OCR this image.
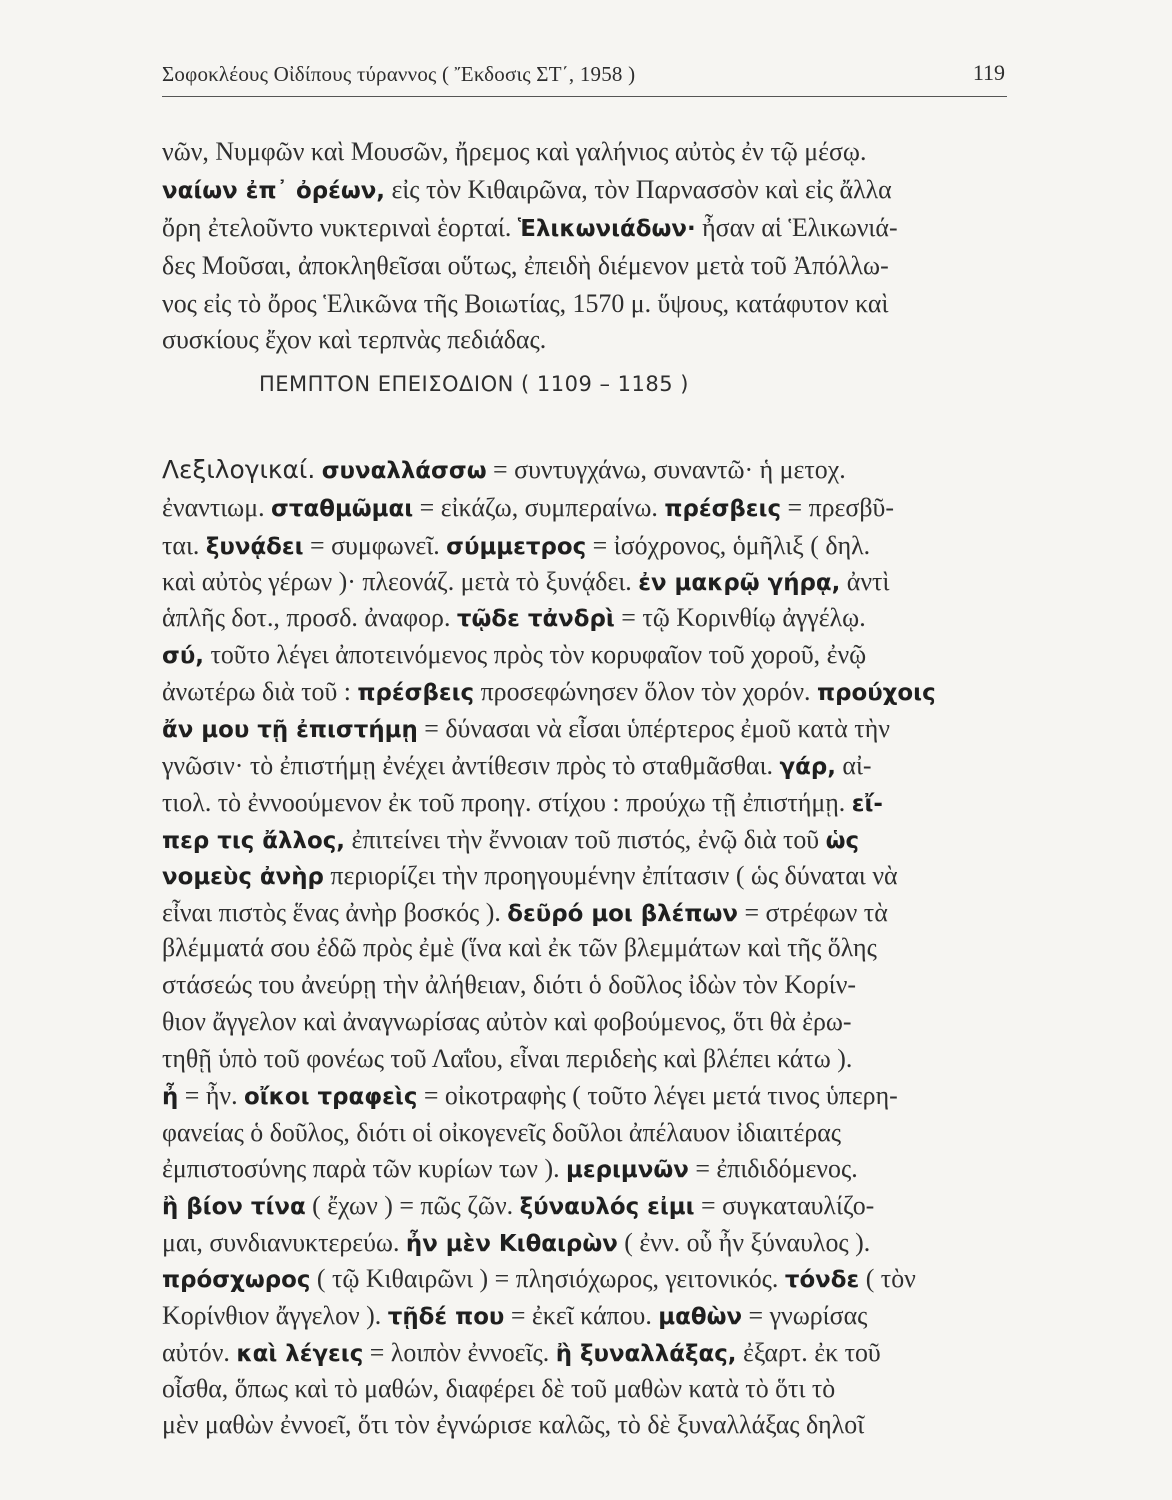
Σοφοκλέους Οἰδίπους τύραννος ( Ἔκδοσις ΣΤ΄, 1958 )	119
νῶν, Νυμφῶν καὶ Μουσῶν, ἤρεμος καὶ γαλήνιος αὐτὸς ἐν τῷ μέσῳ.
ναίων ἐπ᾽ ὀρέων, εἰς τὸν Κιθαιρῶνα, τὸν Παρνασσὸν καὶ εἰς ἄλλα
ὄρη ἐτελοῦντο νυκτεριναὶ ἑορταί. Ἑλικωνιάδων· ἦσαν αἱ Ἑλικωνιά-
δες Μοῦσαι, ἀποκληθεῖσαι οὕτως, ἐπειδὴ διέμενον μετὰ τοῦ Ἀπόλλω-
νος εἰς τὸ ὄρος Ἑλικῶνα τῆς Βοιωτίας, 1570 μ. ὕψους, κατάφυτον καὶ
συσκίους ἔχον καὶ τερπνὰς πεδιάδας.
ΠΕΜΠΤΟΝ ΕΠΕΙΣΟΔΙΟΝ ( 1109 – 1185 )
Λεξιλογικαί. συναλλάσσω = συντυγχάνω, συναντῶ· ἡ μετοχ.
ἐναντιωμ. σταθμῶμαι = εἰκάζω, συμπεραίνω. πρέσβεις = πρεσβῦ-
ται. ξυνᾴδει = συμφωνεῖ. σύμμετρος = ἰσόχρονος, ὁμῆλιξ ( δηλ.
καὶ αὐτὸς γέρων )· πλεονάζ. μετὰ τὸ ξυνᾴδει. ἐν μακρῷ γήρᾳ, ἀντὶ
ἁπλῆς δοτ., προσδ. ἀναφορ. τῷδε τἀνδρὶ = τῷ Κορινθίῳ ἀγγέλῳ.
σύ, τοῦτο λέγει ἀποτεινόμενος πρὸς τὸν κορυφαῖον τοῦ χοροῦ, ἐνῷ
ἀνωτέρω διὰ τοῦ : πρέσβεις προσεφώνησεν ὅλον τὸν χορόν. προύχοις
ἄν μου τῇ ἐπιστήμῃ = δύνασαι νὰ εἶσαι ὑπέρτερος ἐμοῦ κατὰ τὴν
γνῶσιν· τὸ ἐπιστήμῃ ἐνέχει ἀντίθεσιν πρὸς τὸ σταθμᾶσθαι. γάρ, αἰ-
τιολ. τὸ ἐννοούμενον ἐκ τοῦ προηγ. στίχου : προύχω τῇ ἐπιστήμῃ. εἴ-
περ τις ἄλλος, ἐπιτείνει τὴν ἔννοιαν τοῦ πιστός, ἐνῷ διὰ τοῦ ὡς
νομεὺς ἀνὴρ περιορίζει τὴν προηγουμένην ἐπίτασιν ( ὡς δύναται νὰ
εἶναι πιστὸς ἕνας ἀνὴρ βοσκός ). δεῦρό μοι βλέπων = στρέφων τὰ
βλέμματά σου ἐδῶ πρὸς ἐμὲ (ἵνα καὶ ἐκ τῶν βλεμμάτων καὶ τῆς ὅλης
στάσεώς του ἀνεύρῃ τὴν ἀλήθειαν, διότι ὁ δοῦλος ἰδὼν τὸν Κορίν-
θιον ἄγγελον καὶ ἀναγνωρίσας αὐτὸν καὶ φοβούμενος, ὅτι θὰ ἐρω-
τηθῇ ὑπὸ τοῦ φονέως τοῦ Λαΐου, εἶναι περιδεὴς καὶ βλέπει κάτω ).
ἦ = ἦν. οἴκοι τραφεὶς = οἰκοτραφὴς ( τοῦτο λέγει μετά τινος ὑπερη-
φανείας ὁ δοῦλος, διότι οἱ οἰκογενεῖς δοῦλοι ἀπέλαυον ἰδιαιτέρας
ἐμπιστοσύνης παρὰ τῶν κυρίων των ). μεριμνῶν = ἐπιδιδόμενος.
ἢ βίον τίνα ( ἔχων ) = πῶς ζῶν. ξύναυλός εἰμι = συγκαταυλίζο-
μαι, συνδιανυκτερεύω. ἦν μὲν Κιθαιρὼν ( ἐνν. οὗ ἦν ξύναυλος ).
πρόσχωρος ( τῷ Κιθαιρῶνι ) = πλησιόχωρος, γειτονικός. τόνδε ( τὸν
Κορίνθιον ἄγγελον ). τῇδέ που = ἐκεῖ κάπου. μαθὼν = γνωρίσας
αὐτόν. καὶ λέγεις = λοιπὸν ἐννοεῖς. ἢ ξυναλλάξας, ἐξαρτ. ἐκ τοῦ
οἶσθα, ὅπως καὶ τὸ μαθών, διαφέρει δὲ τοῦ μαθὼν κατὰ τὸ ὅτι τὸ
μὲν μαθὼν ἐννοεῖ, ὅτι τὸν ἐγνώρισε καλῶς, τὸ δὲ ξυναλλάξας δηλοῖ
